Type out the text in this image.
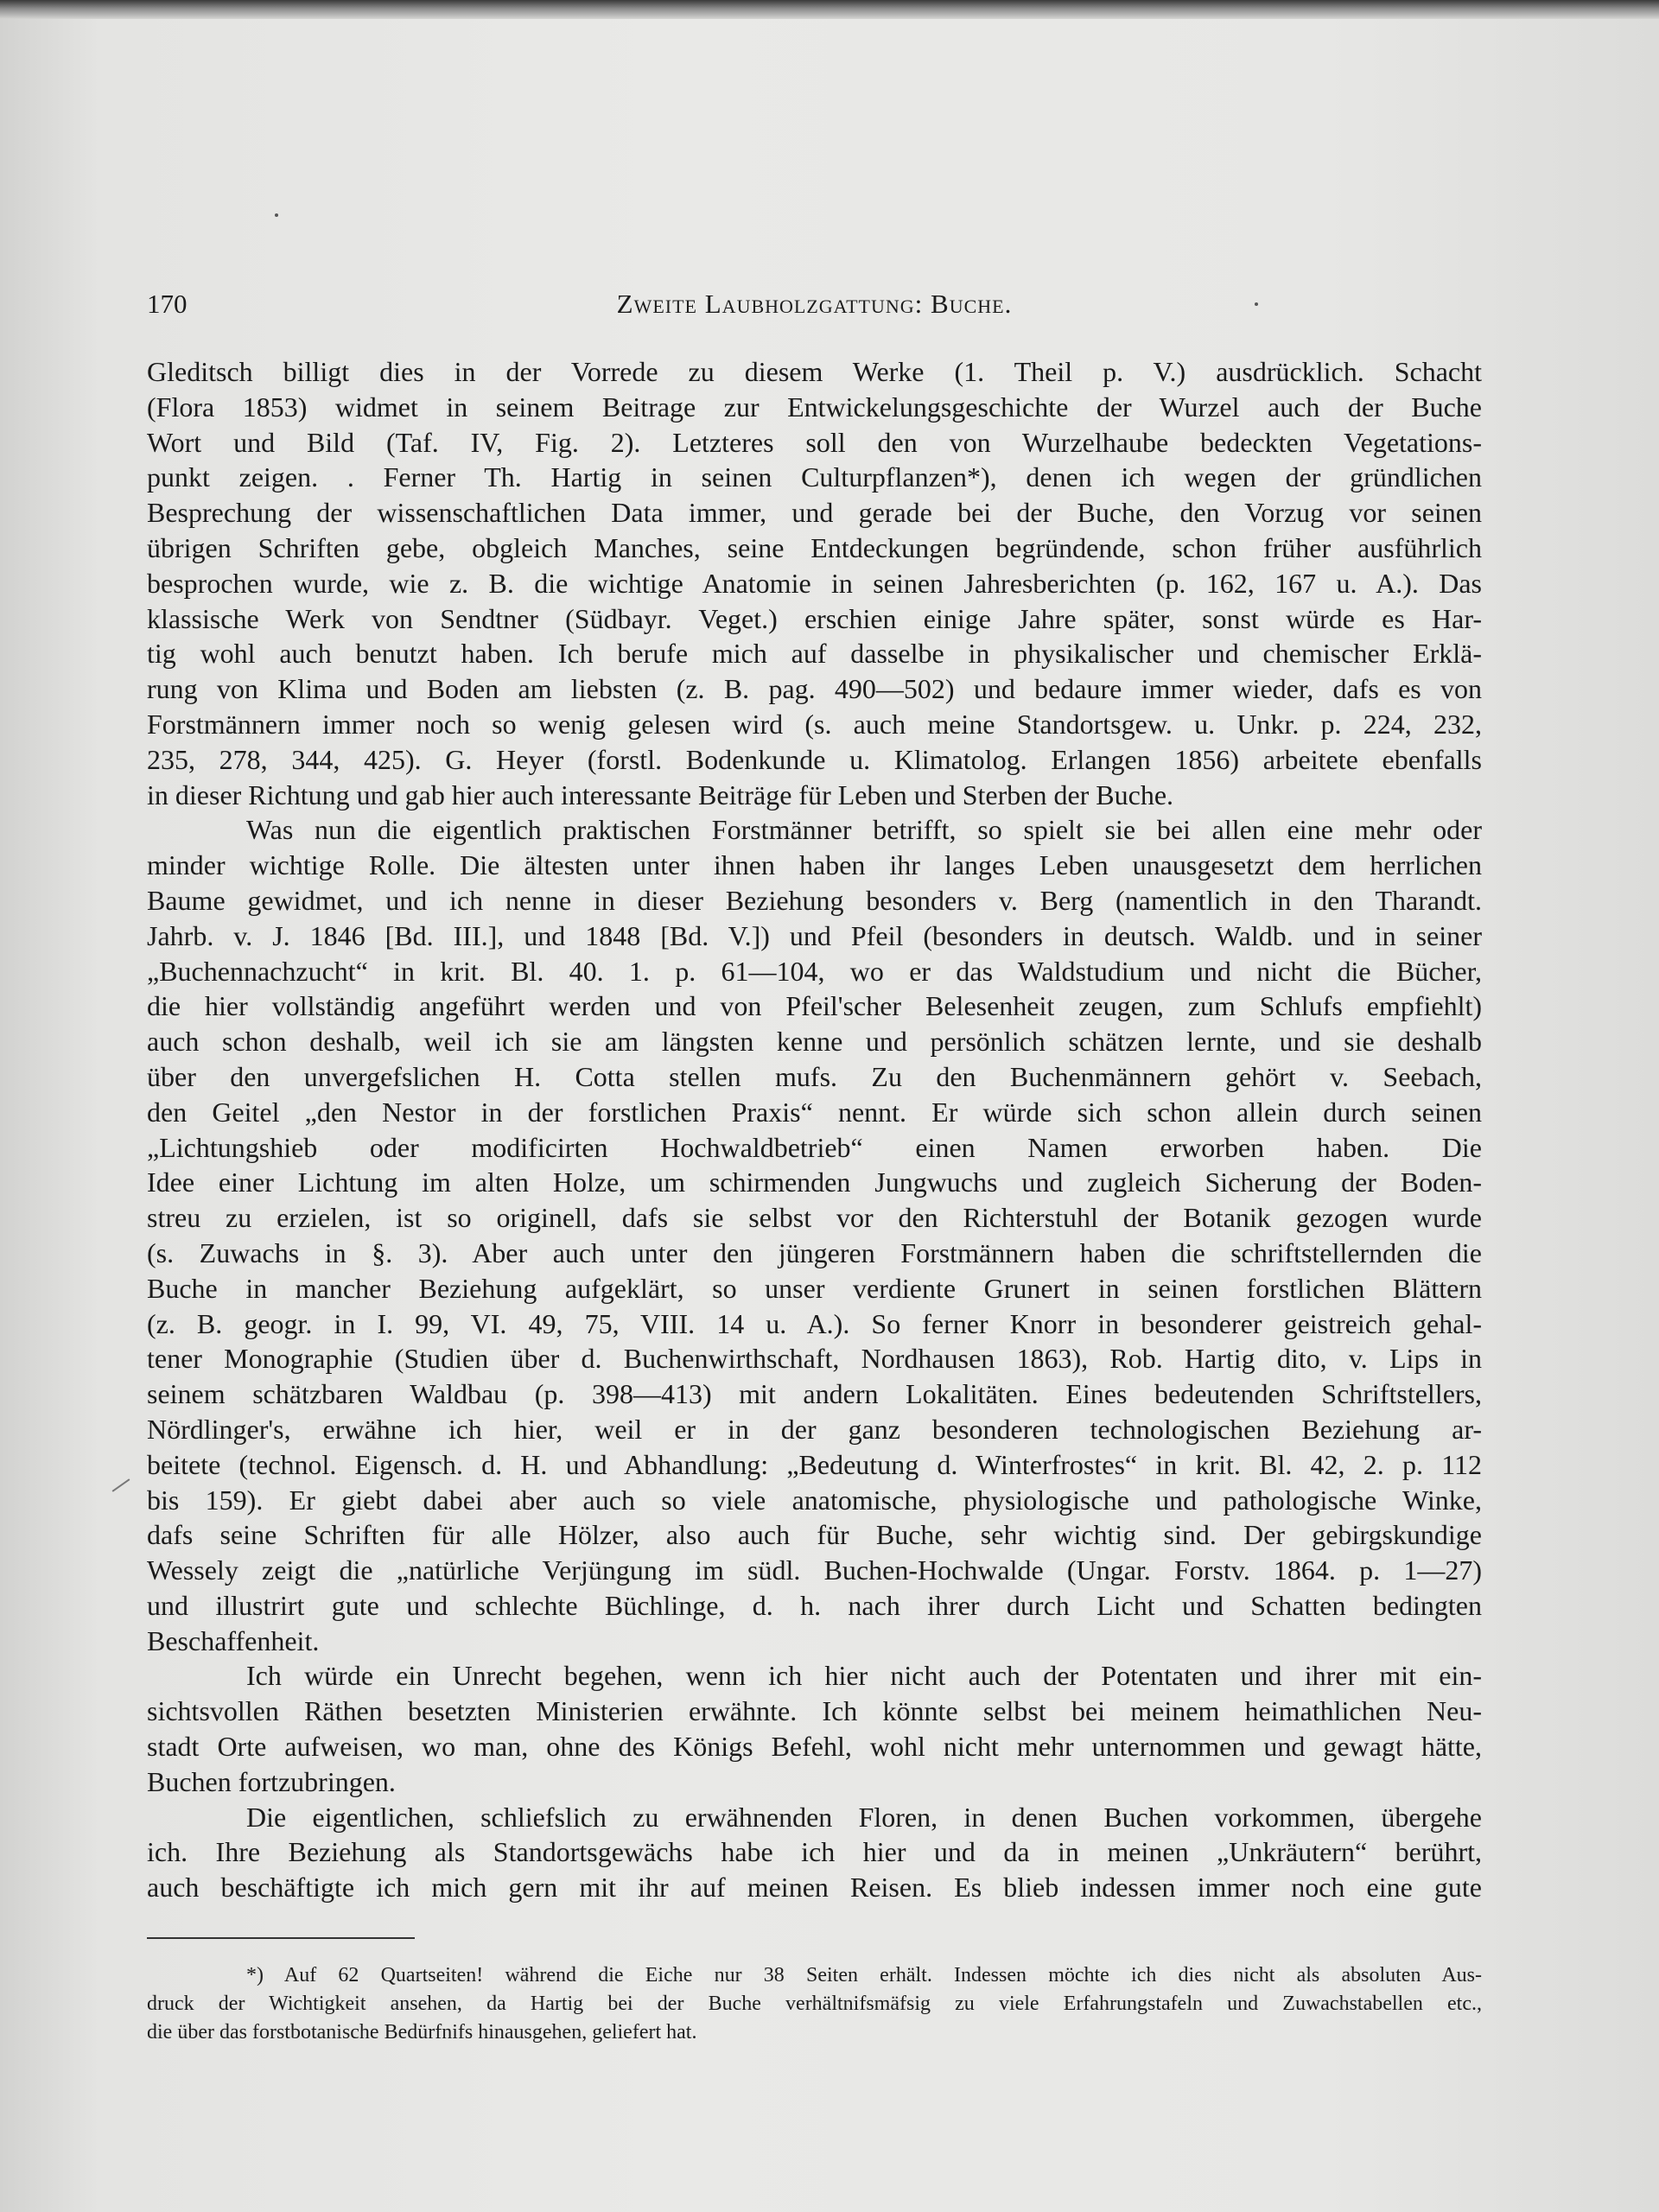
170	Zweite Laubholzgattung: Buche.
Gleditsch billigt dies in der Vorrede zu diesem Werke (1. Theil p. V.) ausdrücklich. Schacht
(Flora 1853) widmet in seinem Beitrage zur Entwickelungsgeschichte der Wurzel auch der Buche
Wort und Bild (Taf. IV, Fig. 2). Letzteres soll den von Wurzelhaube bedeckten Vegetations-
punkt zeigen. . Ferner Th. Hartig in seinen Culturpflanzen*), denen ich wegen der gründlichen
Besprechung der wissenschaftlichen Data immer, und gerade bei der Buche, den Vorzug vor seinen
übrigen Schriften gebe, obgleich Manches, seine Entdeckungen begründende, schon früher ausführlich
besprochen wurde, wie z. B. die wichtige Anatomie in seinen Jahresberichten (p. 162, 167 u. A.). Das
klassische Werk von Sendtner (Südbayr. Veget.) erschien einige Jahre später, sonst würde es Har-
tig wohl auch benutzt haben. Ich berufe mich auf dasselbe in physikalischer und chemischer Erklä-
rung von Klima und Boden am liebsten (z. B. pag. 490—502) und bedaure immer wieder, dafs es von
Forstmännern immer noch so wenig gelesen wird (s. auch meine Standortsgew. u. Unkr. p. 224, 232,
235, 278, 344, 425). G. Heyer (forstl. Bodenkunde u. Klimatolog. Erlangen 1856) arbeitete ebenfalls
in dieser Richtung und gab hier auch interessante Beiträge für Leben und Sterben der Buche.
Was nun die eigentlich praktischen Forstmänner betrifft, so spielt sie bei allen eine mehr oder
minder wichtige Rolle. Die ältesten unter ihnen haben ihr langes Leben unausgesetzt dem herrlichen
Baume gewidmet, und ich nenne in dieser Beziehung besonders v. Berg (namentlich in den Tharandt.
Jahrb. v. J. 1846 [Bd. III.], und 1848 [Bd. V.]) und Pfeil (besonders in deutsch. Waldb. und in seiner
„Buchennachzucht“ in krit. Bl. 40. 1. p. 61—104, wo er das Waldstudium und nicht die Bücher,
die hier vollständig angeführt werden und von Pfeil'scher Belesenheit zeugen, zum Schlufs empfiehlt)
auch schon deshalb, weil ich sie am längsten kenne und persönlich schätzen lernte, und sie deshalb
über den unvergefslichen H. Cotta stellen mufs. Zu den Buchenmännern gehört v. Seebach,
den Geitel „den Nestor in der forstlichen Praxis“ nennt. Er würde sich schon allein durch seinen
„Lichtungshieb oder modificirten Hochwaldbetrieb“ einen Namen erworben haben. Die
Idee einer Lichtung im alten Holze, um schirmenden Jungwuchs und zugleich Sicherung der Boden-
streu zu erzielen, ist so originell, dafs sie selbst vor den Richterstuhl der Botanik gezogen wurde
(s. Zuwachs in §. 3). Aber auch unter den jüngeren Forstmännern haben die schriftstellernden die
Buche in mancher Beziehung aufgeklärt, so unser verdiente Grunert in seinen forstlichen Blättern
(z. B. geogr. in I. 99, VI. 49, 75, VIII. 14 u. A.). So ferner Knorr in besonderer geistreich gehal-
tener Monographie (Studien über d. Buchenwirthschaft, Nordhausen 1863), Rob. Hartig dito, v. Lips in
seinem schätzbaren Waldbau (p. 398—413) mit andern Lokalitäten. Eines bedeutenden Schriftstellers,
Nördlinger's, erwähne ich hier, weil er in der ganz besonderen technologischen Beziehung ar-
beitete (technol. Eigensch. d. H. und Abhandlung: „Bedeutung d. Winterfrostes“ in krit. Bl. 42, 2. p. 112
bis 159). Er giebt dabei aber auch so viele anatomische, physiologische und pathologische Winke,
dafs seine Schriften für alle Hölzer, also auch für Buche, sehr wichtig sind. Der gebirgskundige
Wessely zeigt die „natürliche Verjüngung im südl. Buchen-Hochwalde (Ungar. Forstv. 1864. p. 1—27)
und illustrirt gute und schlechte Büchlinge, d. h. nach ihrer durch Licht und Schatten bedingten
Beschaffenheit.
Ich würde ein Unrecht begehen, wenn ich hier nicht auch der Potentaten und ihrer mit ein-
sichtsvollen Räthen besetzten Ministerien erwähnte. Ich könnte selbst bei meinem heimathlichen Neu-
stadt Orte aufweisen, wo man, ohne des Königs Befehl, wohl nicht mehr unternommen und gewagt hätte,
Buchen fortzubringen.
Die eigentlichen, schliefslich zu erwähnenden Floren, in denen Buchen vorkommen, übergehe
ich. Ihre Beziehung als Standortsgewächs habe ich hier und da in meinen „Unkräutern“ berührt,
auch beschäftigte ich mich gern mit ihr auf meinen Reisen. Es blieb indessen immer noch eine gute
*) Auf 62 Quartseiten! während die Eiche nur 38 Seiten erhält. Indessen möchte ich dies nicht als absoluten Aus-
druck der Wichtigkeit ansehen, da Hartig bei der Buche verhältnifsmäfsig zu viele Erfahrungstafeln und Zuwachstabellen etc.,
die über das forstbotanische Bedürfnifs hinausgehen, geliefert hat.
